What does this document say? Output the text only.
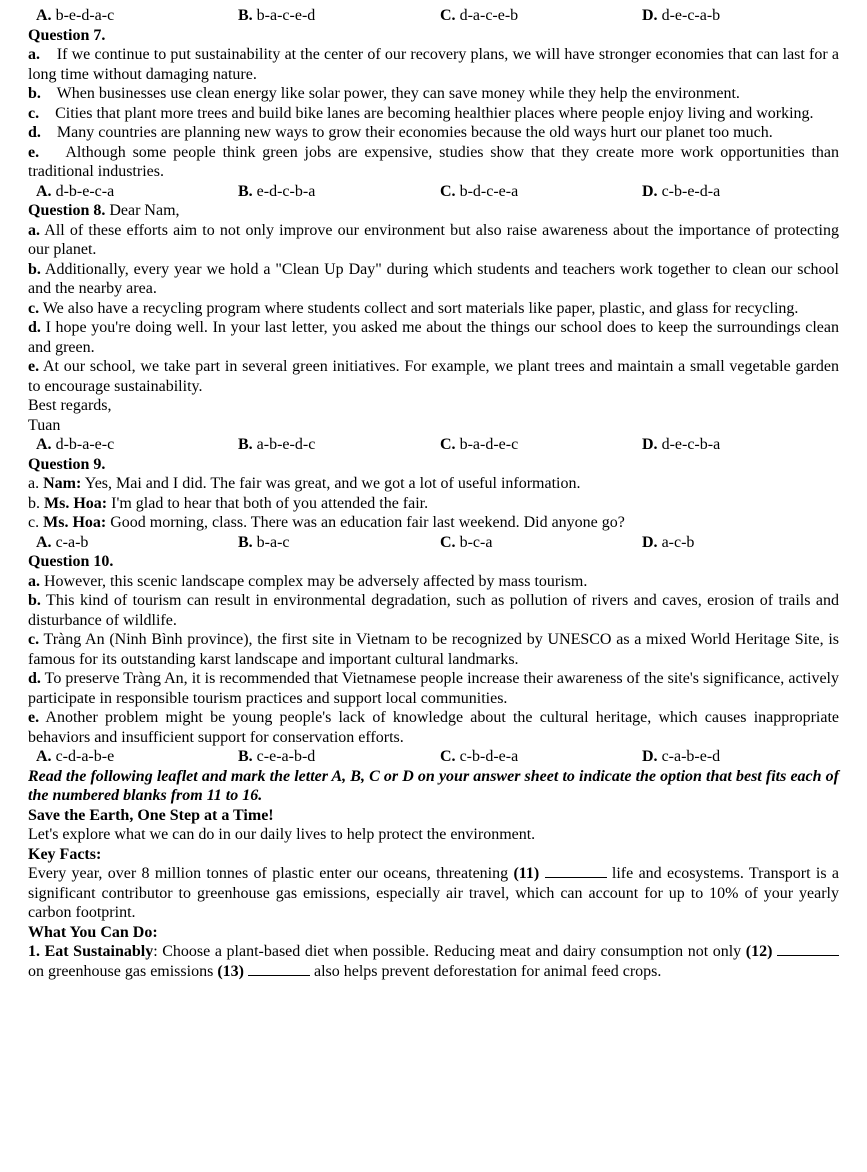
A. b-e-d-a-c	B. b-a-c-e-d	C. d-a-c-e-b	D. d-e-c-a-b

Question 7.

a. If we continue to put sustainability at the center of our recovery plans, we will have stronger economies that can last for a long time without damaging nature.

b. When businesses use clean energy like solar power, they can save money while they help the environment.

c. Cities that plant more trees and build bike lanes are becoming healthier places where people enjoy living and working.

d. Many countries are planning new ways to grow their economies because the old ways hurt our planet too much.

e. Although some people think green jobs are expensive, studies show that they create more work opportunities than traditional industries.

A. d-b-e-c-a	B. e-d-c-b-a	C. b-d-c-e-a	D. c-b-e-d-a

Question 8. Dear Nam,

a. All of these efforts aim to not only improve our environment but also raise awareness about the importance of protecting our planet.

b. Additionally, every year we hold a "Clean Up Day" during which students and teachers work together to clean our school and the nearby area.

c. We also have a recycling program where students collect and sort materials like paper, plastic, and glass for recycling.

d. I hope you're doing well. In your last letter, you asked me about the things our school does to keep the surroundings clean and green.

e. At our school, we take part in several green initiatives. For example, we plant trees and maintain a small vegetable garden to encourage sustainability.

Best regards,

Tuan

A. d-b-a-e-c	B. a-b-e-d-c	C. b-a-d-e-c	D. d-e-c-b-a

Question 9.

a. Nam: Yes, Mai and I did. The fair was great, and we got a lot of useful information.

b. Ms. Hoa: I'm glad to hear that both of you attended the fair.

c. Ms. Hoa: Good morning, class. There was an education fair last weekend. Did anyone go?

A. c-a-b	B. b-a-c	C. b-c-a	D. a-c-b

Question 10.

a. However, this scenic landscape complex may be adversely affected by mass tourism.

b. This kind of tourism can result in environmental degradation, such as pollution of rivers and caves, erosion of trails and disturbance of wildlife.

c. Tràng An (Ninh Bình province), the first site in Vietnam to be recognized by UNESCO as a mixed World Heritage Site, is famous for its outstanding karst landscape and important cultural landmarks.

d. To preserve Tràng An, it is recommended that Vietnamese people increase their awareness of the site's significance, actively participate in responsible tourism practices and support local communities.

e. Another problem might be young people's lack of knowledge about the cultural heritage, which causes inappropriate behaviors and insufficient support for conservation efforts.

A. c-d-a-b-e	B. c-e-a-b-d	C. c-b-d-e-a	D. c-a-b-e-d

Read the following leaflet and mark the letter A, B, C or D on your answer sheet to indicate the option that best fits each of the numbered blanks from 11 to 16.

Save the Earth, One Step at a Time!

Let's explore what we can do in our daily lives to help protect the environment.

Key Facts:

Every year, over 8 million tonnes of plastic enter our oceans, threatening (11)	life and ecosystems. Transport is a significant contributor to greenhouse gas emissions, especially air travel, which can account for up to 10% of your yearly carbon footprint.

What You Can Do:

1. Eat Sustainably: Choose a plant-based diet when possible. Reducing meat and dairy consumption not only (12)  on greenhouse gas emissions (13)	also helps prevent deforestation for animal feed crops.
